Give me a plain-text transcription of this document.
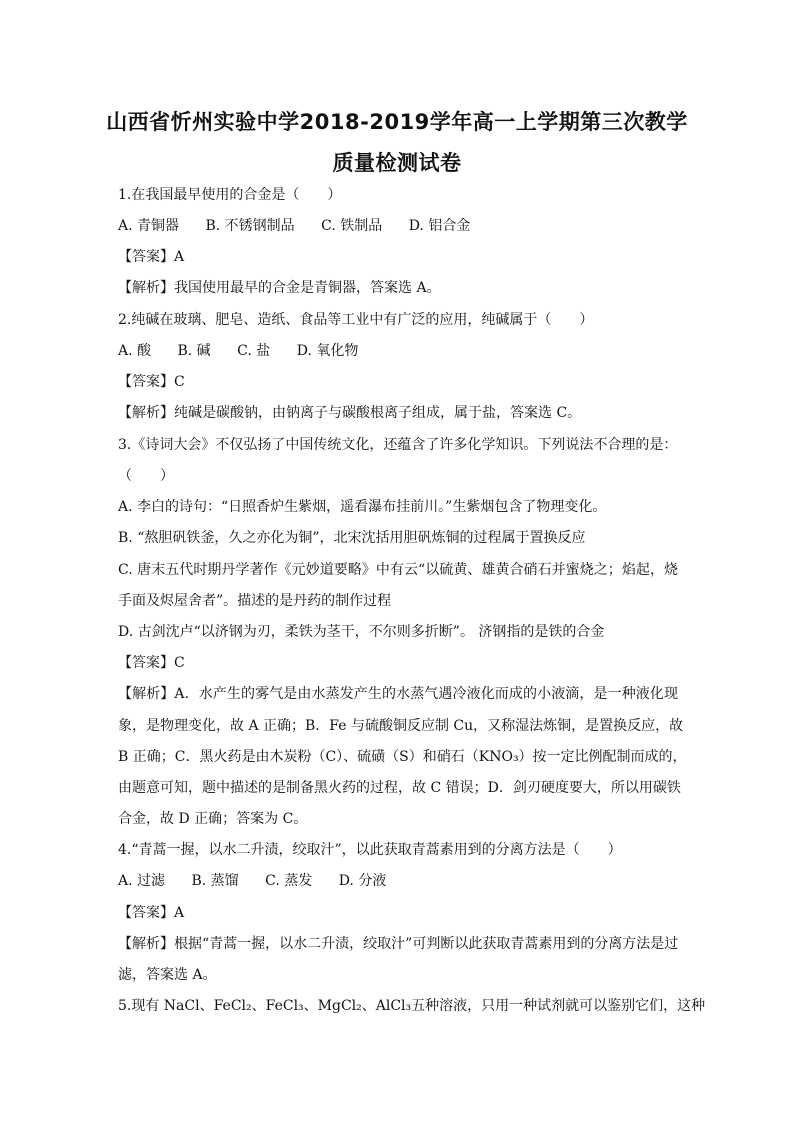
山西省忻州实验中学2018-2019学年高一上学期第三次教学
质量检测试卷
1.在我国最早使用的合金是（　　）
A. 青铜器 B. 不锈钢制品 C. 铁制品 D. 铝合金
【答案】A
【解析】我国使用最早的合金是青铜器，答案选 A。
2.纯碱在玻璃、肥皂、造纸、食品等工业中有广泛的应用，纯碱属于（　　）
A. 酸 B. 碱 C. 盐 D. 氧化物
【答案】C
【解析】纯碱是碳酸钠，由钠离子与碳酸根离子组成，属于盐，答案选 C。
3.《诗词大会》不仅弘扬了中国传统文化，还蕴含了许多化学知识。下列说法不合理的是：
（　　）
A. 李白的诗句：“日照香炉生紫烟，遥看瀑布挂前川。”生紫烟包含了物理变化。
B. “熬胆矾铁釜，久之亦化为铜”，北宋沈括用胆矾炼铜的过程属于置换反应
C. 唐末五代时期丹学著作《元妙道要略》中有云“以硫黄、雄黄合硝石并蜜烧之；焰起，烧
手面及烬屋舍者”。描述的是丹药的制作过程
D. 古剑沈卢“以济钢为刃，柔铁为茎干，不尔则多折断”。 济钢指的是铁的合金
【答案】C
【解析】A．水产生的雾气是由水蒸发产生的水蒸气遇冷液化而成的小液滴，是一种液化现
象，是物理变化，故 A 正确；B．Fe 与硫酸铜反应制 Cu，又称湿法炼铜，是置换反应，故
B 正确；C．黑火药是由木炭粉（C）、硫磺（S）和硝石（KNO₃）按一定比例配制而成的，
由题意可知，题中描述的是制备黑火药的过程，故 C 错误；D．剑刃硬度要大，所以用碳铁
合金，故 D 正确；答案为 C。
4.“青蒿一握，以水二升渍，绞取汁”，以此获取青蒿素用到的分离方法是（　　）
A. 过滤 B. 蒸馏 C. 蒸发 D. 分液
【答案】A
【解析】根据“青蒿一握，以水二升渍，绞取汁”可判断以此获取青蒿素用到的分离方法是过
滤，答案选 A。
5.现有 NaCl、FeCl₂、FeCl₃、MgCl₂、AlCl₃五种溶液，只用一种试剂就可以鉴别它们，这种
